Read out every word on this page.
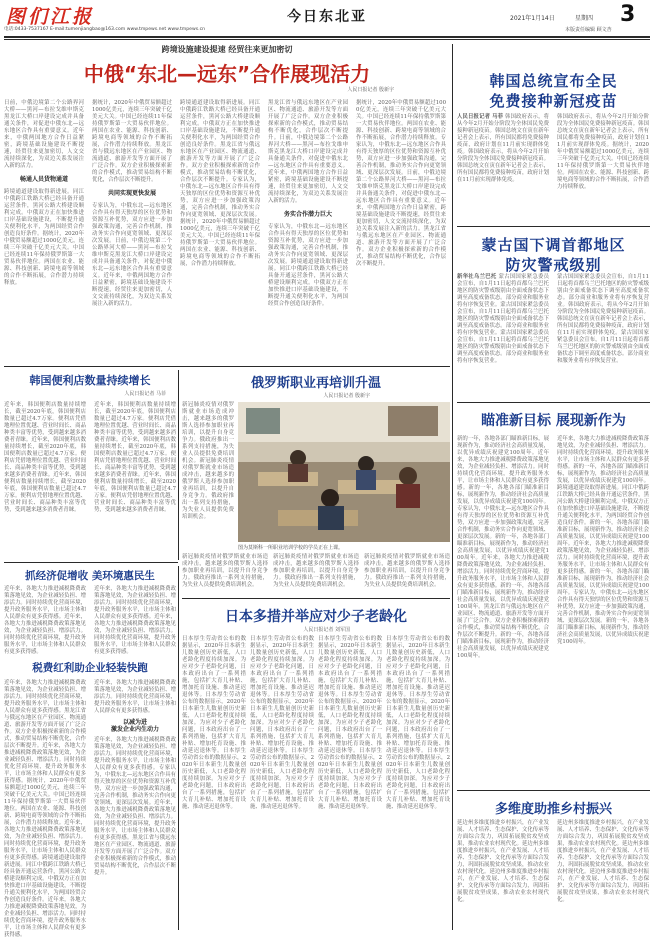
图们江报
电话:0433-7537167 E-mail:tumenjiangbao@163.com www.tmpews.net www.tmpews.cn
今日东北亚	2021年1月14日	星期四 3
本版责任编辑 顾文杏
跨境设施建设提速 经贸往来更加密切
中俄“东北—远东”合作展现活力
人民日报记者 殷新宇
日前，中俄边境第二个公路界河大桥——黑河—布拉戈维申斯克黑龙江大桥口岸建设完成并具备通关条件，对促进中俄东北—远东地区合作具有重要意义。近年来，中俄两国地方合作日益紧密，跨境基础设施建设不断提速，经贸往来更加密切，人文交流持续深化，为双边关系发展注入新的活力。
畅通人员货物通道
跨境通道建设取得新进展。同江中俄跨江铁路大桥已经具备开通运营条件，黑河公路大桥建设顺利完成。中俄双方正在加快推进口岸基础设施建设，不断提升通关便利化水平，为两国经贸合作创造良好条件。据统计，2020年中俄贸易额超过1000亿美元，连续三年突破千亿美元大关。中国已经连续11年保持俄罗斯第一大贸易伙伴地位。两国在农业、能源、科技创新、跨境电商等领域的合作不断拓展，合作潜力持续释放。
据统计，2020年中俄贸易额超过1000亿美元，连续三年突破千亿美元大关。中国已经连续11年保持俄罗斯第一大贸易伙伴地位。两国在农业、能源、科技创新、跨境电商等领域的合作不断拓展，合作潜力持续释放。黑龙江省与俄远东地区在产业园区、物流通道、旅游开发等方面开展了广泛合作。双方企业积极探索新的合作模式，推动贸易结构不断优化，合作层次不断提升。
共同实现更快发展
专家认为，中俄东北—远东地区合作具有得天独厚的区位优势和资源互补优势，双方应进一步加强政策沟通，完善合作机制，推动务实合作向更宽领域、更深层次发展。日前，中俄边境第二个公路界河大桥——黑河—布拉戈维申斯克黑龙江大桥口岸建设完成并具备通关条件，对促进中俄东北—远东地区合作具有重要意义。近年来，中俄两国地方合作日益紧密，跨境基础设施建设不断提速，经贸往来更加密切，人文交流持续深化，为双边关系发展注入新的活力。
跨境通道建设取得新进展。同江中俄跨江铁路大桥已经具备开通运营条件，黑河公路大桥建设顺利完成。中俄双方正在加快推进口岸基础设施建设，不断提升通关便利化水平，为两国经贸合作创造良好条件。黑龙江省与俄远东地区在产业园区、物流通道、旅游开发等方面开展了广泛合作。双方企业积极探索新的合作模式，推动贸易结构不断优化，合作层次不断提升。专家认为，中俄东北—远东地区合作具有得天独厚的区位优势和资源互补优势，双方应进一步加强政策沟通，完善合作机制，推动务实合作向更宽领域、更深层次发展。据统计，2020年中俄贸易额超过1000亿美元，连续三年突破千亿美元大关。中国已经连续11年保持俄罗斯第一大贸易伙伴地位。两国在农业、能源、科技创新、跨境电商等领域的合作不断拓展，合作潜力持续释放。
黑龙江省与俄远东地区在产业园区、物流通道、旅游开发等方面开展了广泛合作。双方企业积极探索新的合作模式，推动贸易结构不断优化，合作层次不断提升。日前，中俄边境第二个公路界河大桥——黑河—布拉戈维申斯克黑龙江大桥口岸建设完成并具备通关条件，对促进中俄东北—远东地区合作具有重要意义。近年来，中俄两国地方合作日益紧密，跨境基础设施建设不断提速，经贸往来更加密切，人文交流持续深化，为双边关系发展注入新的活力。
务实合作潜力巨大
专家认为，中俄东北—远东地区合作具有得天独厚的区位优势和资源互补优势，双方应进一步加强政策沟通，完善合作机制，推动务实合作向更宽领域、更深层次发展。跨境通道建设取得新进展。同江中俄跨江铁路大桥已经具备开通运营条件，黑河公路大桥建设顺利完成。中俄双方正在加快推进口岸基础设施建设，不断提升通关便利化水平，为两国经贸合作创造良好条件。
据统计，2020年中俄贸易额超过1000亿美元，连续三年突破千亿美元大关。中国已经连续11年保持俄罗斯第一大贸易伙伴地位。两国在农业、能源、科技创新、跨境电商等领域的合作不断拓展，合作潜力持续释放。专家认为，中俄东北—远东地区合作具有得天独厚的区位优势和资源互补优势，双方应进一步加强政策沟通，完善合作机制，推动务实合作向更宽领域、更深层次发展。日前，中俄边境第二个公路界河大桥——黑河—布拉戈维申斯克黑龙江大桥口岸建设完成并具备通关条件，对促进中俄东北—远东地区合作具有重要意义。近年来，中俄两国地方合作日益紧密，跨境基础设施建设不断提速，经贸往来更加密切，人文交流持续深化，为双边关系发展注入新的活力。黑龙江省与俄远东地区在产业园区、物流通道、旅游开发等方面开展了广泛合作。双方企业积极探索新的合作模式，推动贸易结构不断优化，合作层次不断提升。
韩国总统宣布全民
免费接种新冠疫苗
人民日报记者 马菲 韩国政府表示，将从今年2月开始分阶段为全体国民免费接种新冠疫苗。韩国总统文在寅在新年记者会上表示，所有国民都将免费接种疫苗，政府计划在11月前实现群体免疫。韩国政府表示，将从今年2月开始分阶段为全体国民免费接种新冠疫苗。韩国总统文在寅在新年记者会上表示，所有国民都将免费接种疫苗，政府计划在11月前实现群体免疫。
韩国政府表示，将从今年2月开始分阶段为全体国民免费接种新冠疫苗。韩国总统文在寅在新年记者会上表示，所有国民都将免费接种疫苗，政府计划在11月前实现群体免疫。据统计，2020年中俄贸易额超过1000亿美元，连续三年突破千亿美元大关。中国已经连续11年保持俄罗斯第一大贸易伙伴地位。两国在农业、能源、科技创新、跨境电商等领域的合作不断拓展，合作潜力持续释放。
蒙古国下调首都地区
防灾警戒级别
新华社乌兰巴托 蒙古国国家紧急委员会宣布，自1月11日起将首都乌兰巴托地区的防灾警戒级别由全面戒备状态下调至高度戒备状态。部分商业和服务业将有序恢复营业。蒙古国国家紧急委员会宣布，自1月11日起将首都乌兰巴托地区的防灾警戒级别由全面戒备状态下调至高度戒备状态。部分商业和服务业将有序恢复营业。蒙古国国家紧急委员会宣布，自1月11日起将首都乌兰巴托地区的防灾警戒级别由全面戒备状态下调至高度戒备状态。部分商业和服务业将有序恢复营业。
蒙古国国家紧急委员会宣布，自1月11日起将首都乌兰巴托地区的防灾警戒级别由全面戒备状态下调至高度戒备状态。部分商业和服务业将有序恢复营业。韩国政府表示，将从今年2月开始分阶段为全体国民免费接种新冠疫苗。韩国总统文在寅在新年记者会上表示，所有国民都将免费接种疫苗，政府计划在11月前实现群体免疫。蒙古国国家紧急委员会宣布，自1月11日起将首都乌兰巴托地区的防灾警戒级别由全面戒备状态下调至高度戒备状态。部分商业和服务业将有序恢复营业。
瞄准新目标 展现新作为
新的一年，各地各部门瞄准新目标，展现新作为，推动经济社会高质量发展，以优异成绩庆祝建党100周年。近年来，各地大力推进减税降费政策落地见效，为企业减轻负担、增添活力。同时持续优化营商环境，提升政务服务水平，让市场主体和人民群众有更多获得感。新的一年，各地各部门瞄准新目标，展现新作为，推动经济社会高质量发展，以优异成绩庆祝建党100周年。专家认为，中俄东北—远东地区合作具有得天独厚的区位优势和资源互补优势，双方应进一步加强政策沟通，完善合作机制，推动务实合作向更宽领域、更深层次发展。新的一年，各地各部门瞄准新目标，展现新作为，推动经济社会高质量发展，以优异成绩庆祝建党100周年。近年来，各地大力推进减税降费政策落地见效，为企业减轻负担、增添活力。同时持续优化营商环境，提升政务服务水平，让市场主体和人民群众有更多获得感。新的一年，各地各部门瞄准新目标，展现新作为，推动经济社会高质量发展，以优异成绩庆祝建党100周年。黑龙江省与俄远东地区在产业园区、物流通道、旅游开发等方面开展了广泛合作。双方企业积极探索新的合作模式，推动贸易结构不断优化，合作层次不断提升。新的一年，各地各部门瞄准新目标，展现新作为，推动经济社会高质量发展，以优异成绩庆祝建党100周年。
近年来，各地大力推进减税降费政策落地见效，为企业减轻负担、增添活力。同时持续优化营商环境，提升政务服务水平，让市场主体和人民群众有更多获得感。新的一年，各地各部门瞄准新目标，展现新作为，推动经济社会高质量发展，以优异成绩庆祝建党100周年。跨境通道建设取得新进展。同江中俄跨江铁路大桥已经具备开通运营条件，黑河公路大桥建设顺利完成。中俄双方正在加快推进口岸基础设施建设，不断提升通关便利化水平，为两国经贸合作创造良好条件。新的一年，各地各部门瞄准新目标，展现新作为，推动经济社会高质量发展，以优异成绩庆祝建党100周年。近年来，各地大力推进减税降费政策落地见效，为企业减轻负担、增添活力。同时持续优化营商环境，提升政务服务水平，让市场主体和人民群众有更多获得感。新的一年，各地各部门瞄准新目标，展现新作为，推动经济社会高质量发展，以优异成绩庆祝建党100周年。专家认为，中俄东北—远东地区合作具有得天独厚的区位优势和资源互补优势，双方应进一步加强政策沟通，完善合作机制，推动务实合作向更宽领域、更深层次发展。新的一年，各地各部门瞄准新目标，展现新作为，推动经济社会高质量发展，以优异成绩庆祝建党100周年。
多维度助推乡村振兴
延边州多维度推进乡村振兴，在产业发展、人才培养、生态保护、文化传承等方面综合发力，巩固拓展脱贫攻坚成果，推动农业农村现代化。延边州多维度推进乡村振兴，在产业发展、人才培养、生态保护、文化传承等方面综合发力，巩固拓展脱贫攻坚成果，推动农业农村现代化。延边州多维度推进乡村振兴，在产业发展、人才培养、生态保护、文化传承等方面综合发力，巩固拓展脱贫攻坚成果，推动农业农村现代化。
延边州多维度推进乡村振兴，在产业发展、人才培养、生态保护、文化传承等方面综合发力，巩固拓展脱贫攻坚成果，推动农业农村现代化。延边州多维度推进乡村振兴，在产业发展、人才培养、生态保护、文化传承等方面综合发力，巩固拓展脱贫攻坚成果，推动农业农村现代化。延边州多维度推进乡村振兴，在产业发展、人才培养、生态保护、文化传承等方面综合发力，巩固拓展脱贫攻坚成果，推动农业农村现代化。
韩国便利店数量持续增长
人民日报记者 马菲
近年来，韩国便利店数量持续增长，截至2020年底，韩国便利店数量已超过4.7万家。便利店凭借地理位置优越、营业时间长、商品种类丰富等优势，受到越来越多消费者青睐。近年来，韩国便利店数量持续增长，截至2020年底，韩国便利店数量已超过4.7万家。便利店凭借地理位置优越、营业时间长、商品种类丰富等优势，受到越来越多消费者青睐。近年来，韩国便利店数量持续增长，截至2020年底，韩国便利店数量已超过4.7万家。便利店凭借地理位置优越、营业时间长、商品种类丰富等优势，受到越来越多消费者青睐。
近年来，韩国便利店数量持续增长，截至2020年底，韩国便利店数量已超过4.7万家。便利店凭借地理位置优越、营业时间长、商品种类丰富等优势，受到越来越多消费者青睐。近年来，韩国便利店数量持续增长，截至2020年底，韩国便利店数量已超过4.7万家。便利店凭借地理位置优越、营业时间长、商品种类丰富等优势，受到越来越多消费者青睐。近年来，韩国便利店数量持续增长，截至2020年底，韩国便利店数量已超过4.7万家。便利店凭借地理位置优越、营业时间长、商品种类丰富等优势，受到越来越多消费者青睐。
俄罗斯职业再培训升温
人民日报记者 殷新宇
新冠肺炎疫情对俄罗斯就业市场造成冲击，越来越多的俄罗斯人选择参加职业再培训，以提升自身竞争力。俄政府推出一系列支持措施，为失业人员提供免费培训机会。新冠肺炎疫情对俄罗斯就业市场造成冲击，越来越多的俄罗斯人选择参加职业再培训，以提升自身竞争力。俄政府推出一系列支持措施，为失业人员提供免费培训机会。
图为莫斯科一所职业培训学校的学员正在上课。
新冠肺炎疫情对俄罗斯就业市场造成冲击，越来越多的俄罗斯人选择参加职业再培训，以提升自身竞争力。俄政府推出一系列支持措施，为失业人员提供免费培训机会。
新冠肺炎疫情对俄罗斯就业市场造成冲击，越来越多的俄罗斯人选择参加职业再培训，以提升自身竞争力。俄政府推出一系列支持措施，为失业人员提供免费培训机会。
新冠肺炎疫情对俄罗斯就业市场造成冲击，越来越多的俄罗斯人选择参加职业再培训，以提升自身竞争力。俄政府推出一系列支持措施，为失业人员提供免费培训机会。
抓经济促增收 美环境惠民生
近年来，各地大力推进减税降费政策落地见效，为企业减轻负担、增添活力。同时持续优化营商环境，提升政务服务水平，让市场主体和人民群众有更多获得感。近年来，各地大力推进减税降费政策落地见效，为企业减轻负担、增添活力。同时持续优化营商环境，提升政务服务水平，让市场主体和人民群众有更多获得感。
近年来，各地大力推进减税降费政策落地见效，为企业减轻负担、增添活力。同时持续优化营商环境，提升政务服务水平，让市场主体和人民群众有更多获得感。近年来，各地大力推进减税降费政策落地见效，为企业减轻负担、增添活力。同时持续优化营商环境，提升政务服务水平，让市场主体和人民群众有更多获得感。
税费红利助企业轻装快跑
近年来，各地大力推进减税降费政策落地见效，为企业减轻负担、增添活力。同时持续优化营商环境，提升政务服务水平，让市场主体和人民群众有更多获得感。黑龙江省与俄远东地区在产业园区、物流通道、旅游开发等方面开展了广泛合作。双方企业积极探索新的合作模式，推动贸易结构不断优化，合作层次不断提升。近年来，各地大力推进减税降费政策落地见效，为企业减轻负担、增添活力。同时持续优化营商环境，提升政务服务水平，让市场主体和人民群众有更多获得感。据统计，2020年中俄贸易额超过1000亿美元，连续三年突破千亿美元大关。中国已经连续11年保持俄罗斯第一大贸易伙伴地位。两国在农业、能源、科技创新、跨境电商等领域的合作不断拓展，合作潜力持续释放。近年来，各地大力推进减税降费政策落地见效，为企业减轻负担、增添活力。同时持续优化营商环境，提升政务服务水平，让市场主体和人民群众有更多获得感。跨境通道建设取得新进展。同江中俄跨江铁路大桥已经具备开通运营条件，黑河公路大桥建设顺利完成。中俄双方正在加快推进口岸基础设施建设，不断提升通关便利化水平，为两国经贸合作创造良好条件。近年来，各地大力推进减税降费政策落地见效，为企业减轻负担、增添活力。同时持续优化营商环境，提升政务服务水平，让市场主体和人民群众有更多获得感。
近年来，各地大力推进减税降费政策落地见效，为企业减轻负担、增添活力。同时持续优化营商环境，提升政务服务水平，让市场主体和人民群众有更多获得感。
以减为进
激发企业内生动力
近年来，各地大力推进减税降费政策落地见效，为企业减轻负担、增添活力。同时持续优化营商环境，提升政务服务水平，让市场主体和人民群众有更多获得感。专家认为，中俄东北—远东地区合作具有得天独厚的区位优势和资源互补优势，双方应进一步加强政策沟通，完善合作机制，推动务实合作向更宽领域、更深层次发展。近年来，各地大力推进减税降费政策落地见效，为企业减轻负担、增添活力。同时持续优化营商环境，提升政务服务水平，让市场主体和人民群众有更多获得感。黑龙江省与俄远东地区在产业园区、物流通道、旅游开发等方面开展了广泛合作。双方企业积极探索新的合作模式，推动贸易结构不断优化，合作层次不断提升。
日本多措并举应对少子老龄化
人民日报记者 刘军国
日本厚生劳动省公布的数据显示，2020年日本新生儿数量创历史新低，人口老龄化程度持续加深。为应对少子老龄化问题，日本政府出台了一系列措施，包括扩大育儿补贴、增加托育设施、推动延迟退休等。日本厚生劳动省公布的数据显示，2020年日本新生儿数量创历史新低，人口老龄化程度持续加深。为应对少子老龄化问题，日本政府出台了一系列措施，包括扩大育儿补贴、增加托育设施、推动延迟退休等。日本厚生劳动省公布的数据显示，2020年日本新生儿数量创历史新低，人口老龄化程度持续加深。为应对少子老龄化问题，日本政府出台了一系列措施，包括扩大育儿补贴、增加托育设施、推动延迟退休等。
日本厚生劳动省公布的数据显示，2020年日本新生儿数量创历史新低，人口老龄化程度持续加深。为应对少子老龄化问题，日本政府出台了一系列措施，包括扩大育儿补贴、增加托育设施、推动延迟退休等。日本厚生劳动省公布的数据显示，2020年日本新生儿数量创历史新低，人口老龄化程度持续加深。为应对少子老龄化问题，日本政府出台了一系列措施，包括扩大育儿补贴、增加托育设施、推动延迟退休等。日本厚生劳动省公布的数据显示，2020年日本新生儿数量创历史新低，人口老龄化程度持续加深。为应对少子老龄化问题，日本政府出台了一系列措施，包括扩大育儿补贴、增加托育设施、推动延迟退休等。
日本厚生劳动省公布的数据显示，2020年日本新生儿数量创历史新低，人口老龄化程度持续加深。为应对少子老龄化问题，日本政府出台了一系列措施，包括扩大育儿补贴、增加托育设施、推动延迟退休等。日本厚生劳动省公布的数据显示，2020年日本新生儿数量创历史新低，人口老龄化程度持续加深。为应对少子老龄化问题，日本政府出台了一系列措施，包括扩大育儿补贴、增加托育设施、推动延迟退休等。日本厚生劳动省公布的数据显示，2020年日本新生儿数量创历史新低，人口老龄化程度持续加深。为应对少子老龄化问题，日本政府出台了一系列措施，包括扩大育儿补贴、增加托育设施、推动延迟退休等。
日本厚生劳动省公布的数据显示，2020年日本新生儿数量创历史新低，人口老龄化程度持续加深。为应对少子老龄化问题，日本政府出台了一系列措施，包括扩大育儿补贴、增加托育设施、推动延迟退休等。日本厚生劳动省公布的数据显示，2020年日本新生儿数量创历史新低，人口老龄化程度持续加深。为应对少子老龄化问题，日本政府出台了一系列措施，包括扩大育儿补贴、增加托育设施、推动延迟退休等。日本厚生劳动省公布的数据显示，2020年日本新生儿数量创历史新低，人口老龄化程度持续加深。为应对少子老龄化问题，日本政府出台了一系列措施，包括扩大育儿补贴、增加托育设施、推动延迟退休等。
